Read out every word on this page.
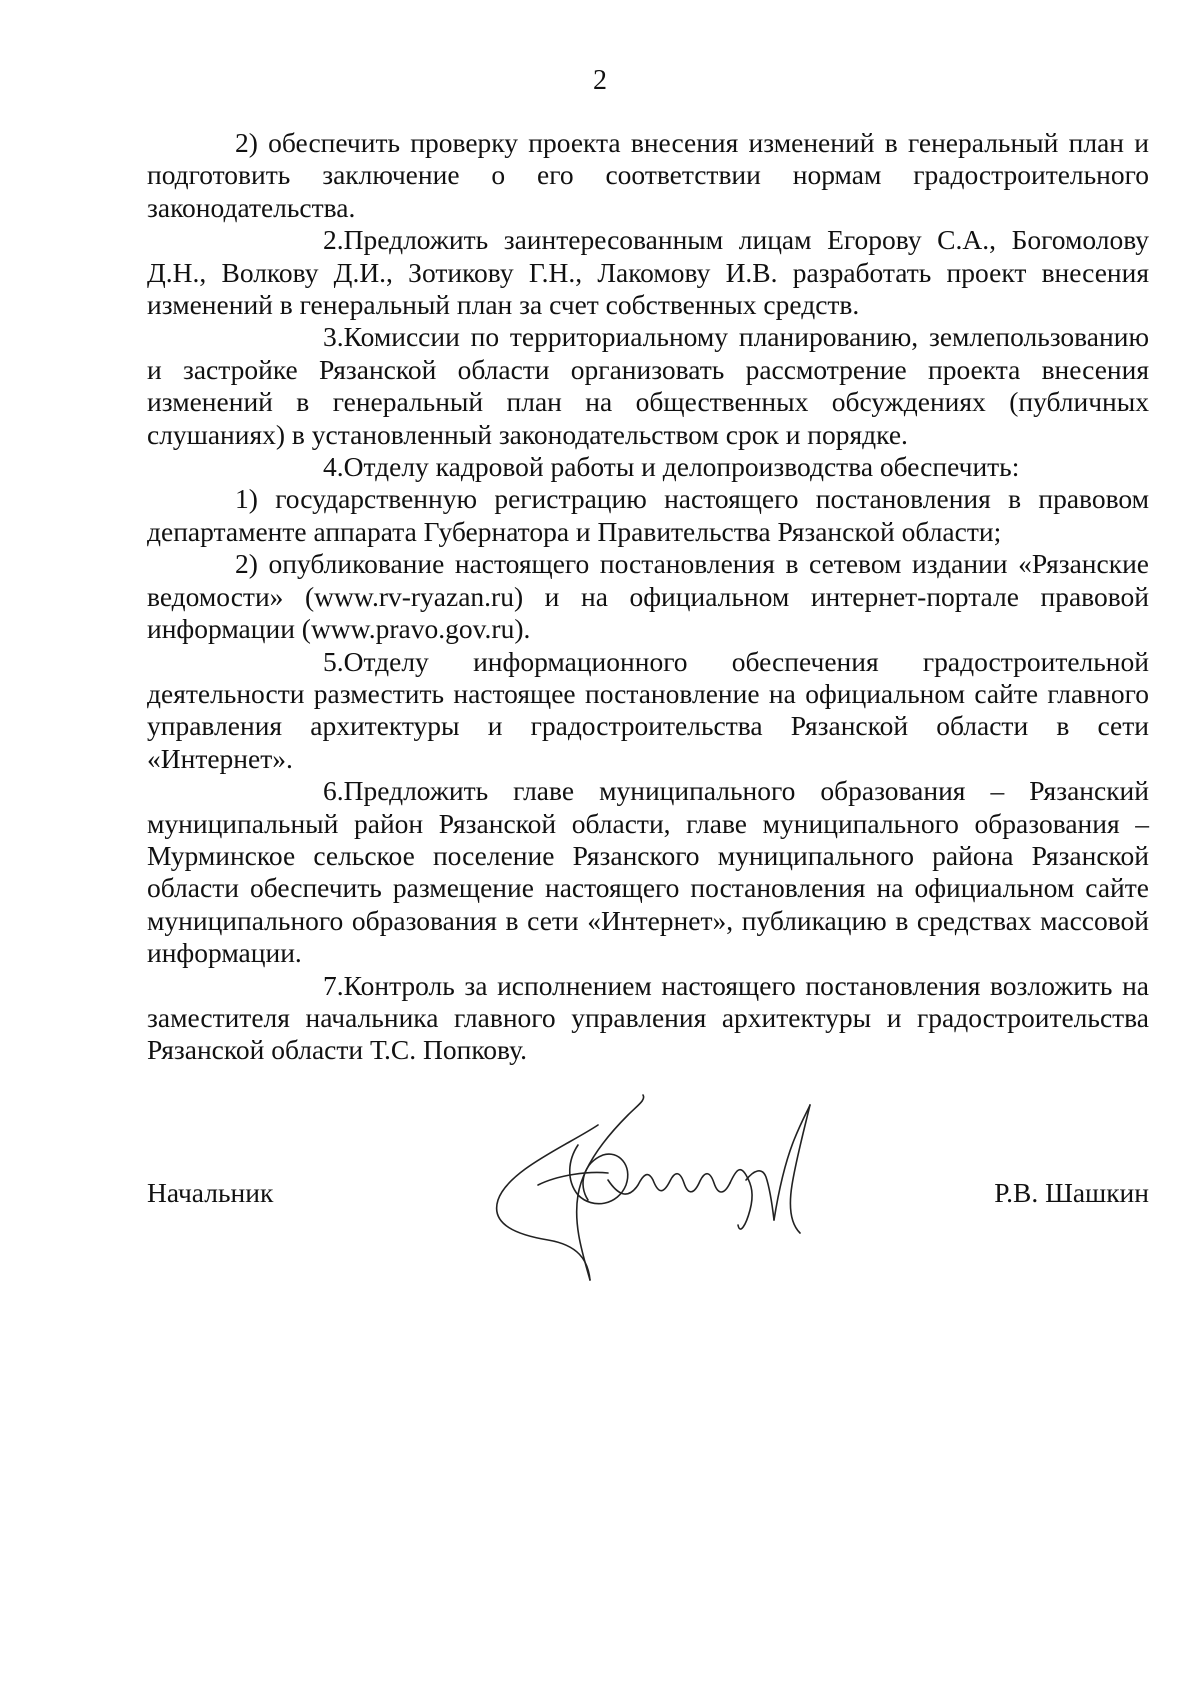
2

2) обеспечить проверку проекта внесения изменений в генеральный план и подготовить заключение о его соответствии нормам градостроительного законодательства.

2.Предложить заинтересованным лицам Егорову С.А., Богомолову Д.Н., Волкову Д.И., Зотикову Г.Н., Лакомову И.В. разработать проект внесения изменений в генеральный план за счет собственных средств.

3.Комиссии по территориальному планированию, землепользованию и застройке Рязанской области организовать рассмотрение проекта внесения изменений в генеральный план на общественных обсуждениях (публичных слушаниях) в установленный законодательством срок и порядке.

4.Отделу кадровой работы и делопроизводства обеспечить:

1) государственную регистрацию настоящего постановления в правовом департаменте аппарата Губернатора и Правительства Рязанской области;

2) опубликование настоящего постановления в сетевом издании «Рязанские ведомости» (www.rv-ryazan.ru) и на официальном интернет-портале правовой информации (www.pravo.gov.ru).

5.Отделу информационного обеспечения градостроительной деятельности разместить настоящее постановление на официальном сайте главного управления архитектуры и градостроительства Рязанской области в сети «Интернет».

6.Предложить главе муниципального образования – Рязанский муниципальный район Рязанской области, главе муниципального образования – Мурминское сельское поселение Рязанского муниципального района Рязанской области обеспечить размещение настоящего постановления на официальном сайте муниципального образования в сети «Интернет», публикацию в средствах массовой информации.

7.Контроль за исполнением настоящего постановления возложить на заместителя начальника главного управления архитектуры и градостроительства Рязанской области Т.С. Попкову.

Начальник	Р.В. Шашкин
